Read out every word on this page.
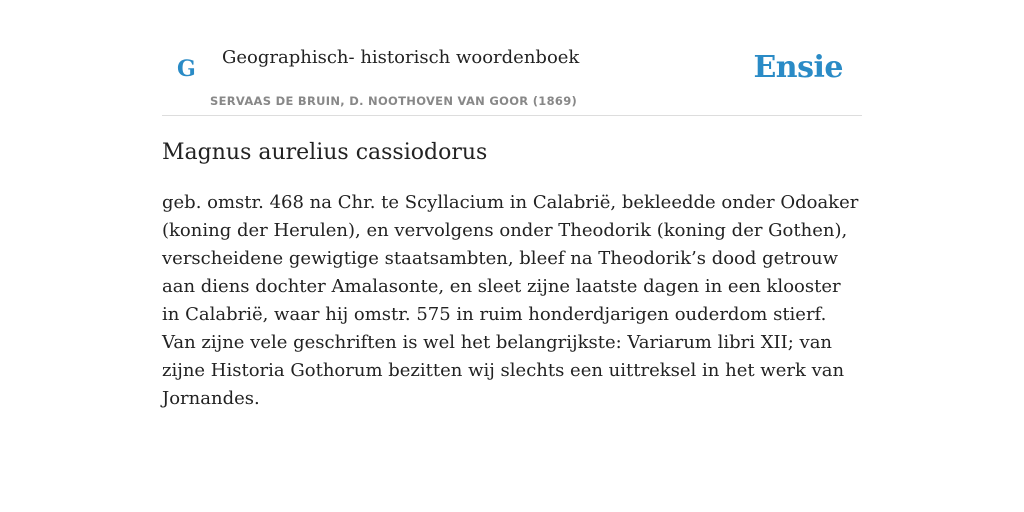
G Geographisch- historisch woordenboek
SERVAAS DE BRUIN, D. NOOTHOVEN VAN GOOR (1869)
Ensie
Magnus aurelius cassiodorus

geb. omstr. 468 na Chr. te Scyllacium in Calabrië, bekleedde onder Odoaker (koning der Herulen), en vervolgens onder Theodorik (koning der Gothen), verscheidene gewigtige staatsambten, bleef na Theodorik’s dood getrouw aan diens dochter Amalasonte, en sleet zijne laatste dagen in een klooster in Calabrië, waar hij omstr. 575 in ruim honderdjarigen ouderdom stierf. Van zijne vele geschriften is wel het belangrijkste: Variarum libri XII; van zijne Historia Gothorum bezitten wij slechts een uittreksel in het werk van Jornandes.
